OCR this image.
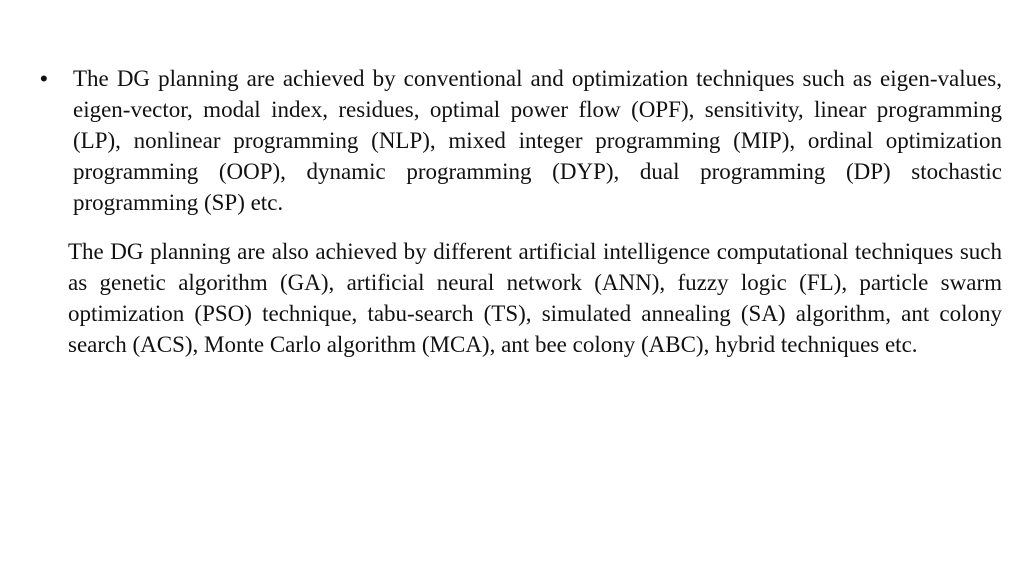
•	The DG planning are achieved by conventional and optimization techniques such as eigen-values, eigen-vector, modal index, residues, optimal power flow (OPF), sensitivity, linear programming (LP), nonlinear programming (NLP), mixed integer programming (MIP), ordinal optimization programming (OOP), dynamic programming (DYP), dual programming (DP) stochastic programming (SP) etc.

The DG planning are also achieved by different artificial intelligence computational techniques such as genetic algorithm (GA), artificial neural network (ANN), fuzzy logic (FL), particle swarm optimization (PSO) technique, tabu-search (TS), simulated annealing (SA) algorithm, ant colony search (ACS), Monte Carlo algorithm (MCA), ant bee colony (ABC), hybrid techniques etc.
